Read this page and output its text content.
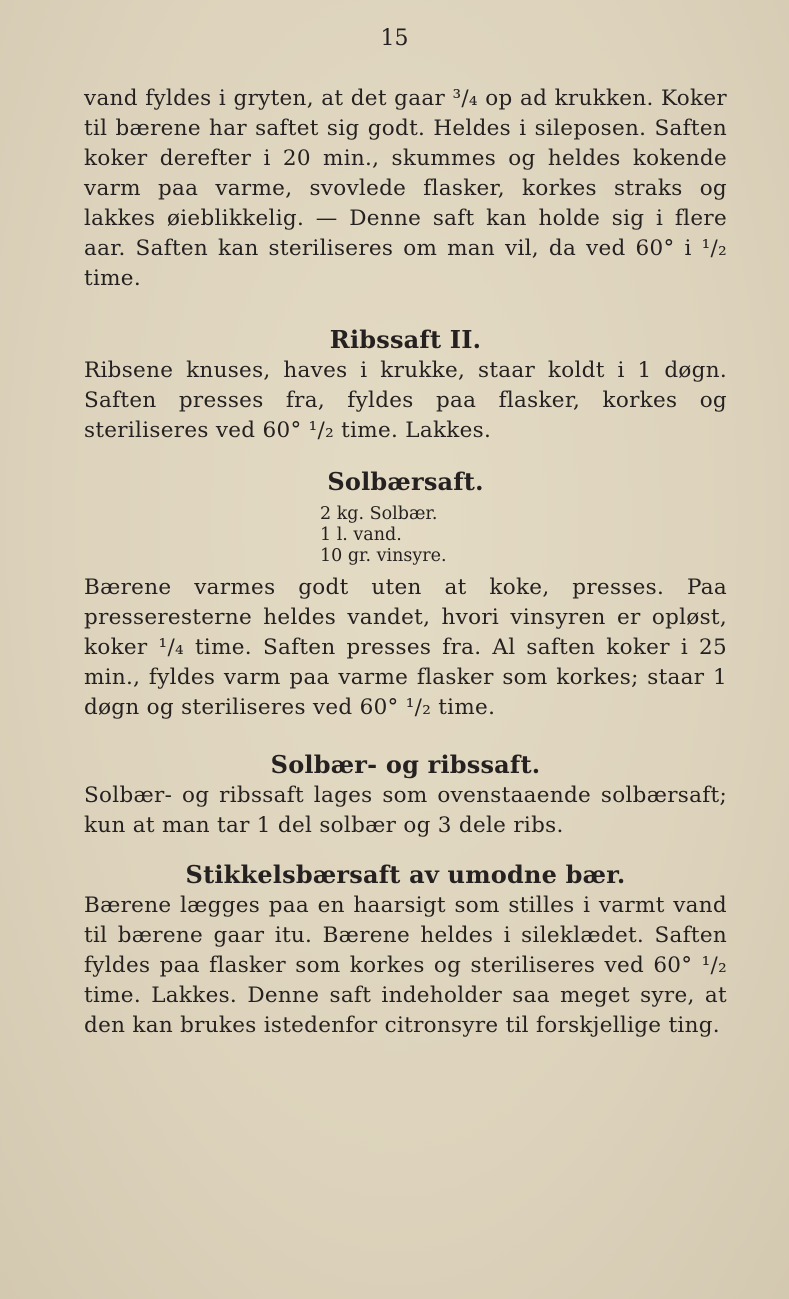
15

vand fyldes i gryten, at det gaar ³/₄ op ad krukken. Koker til bærene har saftet sig godt. Heldes i sileposen. Saften koker derefter i 20 min., skummes og heldes kokende varm paa varme, svovlede flasker, korkes straks og lakkes øieblikkelig. — Denne saft kan holde sig i flere aar. Saften kan steriliseres om man vil, da ved 60° i ¹/₂ time.

Ribssaft II.

Ribsene knuses, haves i krukke, staar koldt i 1 døgn. Saften presses fra, fyldes paa flasker, korkes og steriliseres ved 60° ¹/₂ time. Lakkes.

Solbærsaft.
2 kg. Solbær.
1 l. vand.
10 gr. vinsyre.

Bærene varmes godt uten at koke, presses. Paa presseresterne heldes vandet, hvori vinsyren er opløst, koker ¹/₄ time. Saften presses fra. Al saften koker i 25 min., fyldes varm paa varme flasker som korkes; staar 1 døgn og steriliseres ved 60° ¹/₂ time.

Solbær- og ribssaft.

Solbær- og ribssaft lages som ovenstaaende solbærsaft; kun at man tar 1 del solbær og 3 dele ribs.

Stikkelsbærsaft av umodne bær.

Bærene lægges paa en haarsigt som stilles i varmt vand til bærene gaar itu. Bærene heldes i sileklædet. Saften fyldes paa flasker som korkes og steriliseres ved 60° ¹/₂ time. Lakkes. Denne saft indeholder saa meget syre, at den kan brukes istedenfor citronsyre til forskjellige ting.
